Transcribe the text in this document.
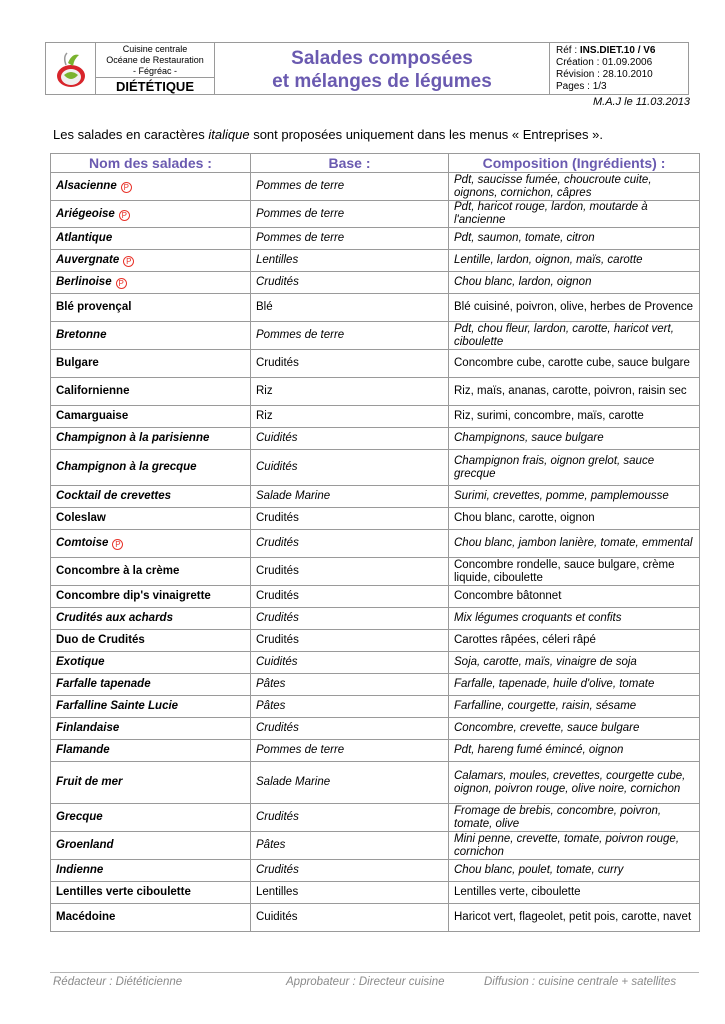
Cuisine centrale
Océane de Restauration
- Fégréac -
DIÉTÉTIQUE
Salades composées
et mélanges de légumes
Réf : INS.DIET.10 / V6
Création : 01.09.2006
Révision : 28.10.2010
Pages : 1/3
M.A.J le 11.03.2013
Les salades en caractères italique sont proposées uniquement dans les menus « Entreprises ».
Nom des salades :	Base :	Composition (Ingrédients) :
Alsacienne P	Pommes de terre	Pdt, saucisse fumée, choucroute cuite, oignons, cornichon, câpres
Ariégeoise P	Pommes de terre	Pdt, haricot rouge, lardon, moutarde à l'ancienne
Atlantique	Pommes de terre	Pdt, saumon, tomate, citron
Auvergnate P	Lentilles	Lentille, lardon, oignon, maïs, carotte
Berlinoise P	Crudités	Chou blanc, lardon, oignon
Blé provençal	Blé	Blé cuisiné, poivron, olive, herbes de Provence
Bretonne	Pommes de terre	Pdt, chou fleur, lardon, carotte, haricot vert, ciboulette
Bulgare	Crudités	Concombre cube, carotte cube, sauce bulgare
Californienne	Riz	Riz, maïs, ananas, carotte, poivron, raisin sec
Camarguaise	Riz	Riz, surimi, concombre, maïs, carotte
Champignon à la parisienne	Cuidités	Champignons, sauce bulgare
Champignon à la grecque	Cuidités	Champignon frais, oignon grelot, sauce grecque
Cocktail de crevettes	Salade Marine	Surimi, crevettes, pomme, pamplemousse
Coleslaw	Crudités	Chou blanc, carotte, oignon
Comtoise P	Crudités	Chou blanc, jambon lanière, tomate, emmental
Concombre à la crème	Crudités	Concombre rondelle, sauce bulgare, crème liquide, ciboulette
Concombre dip's vinaigrette	Crudités	Concombre bâtonnet
Crudités aux achards	Crudités	Mix légumes croquants et confits
Duo de Crudités	Crudités	Carottes râpées, céleri râpé
Exotique	Cuidités	Soja, carotte, maïs, vinaigre de soja
Farfalle tapenade	Pâtes	Farfalle, tapenade, huile d'olive, tomate
Farfalline Sainte Lucie	Pâtes	Farfalline, courgette, raisin, sésame
Finlandaise	Crudités	Concombre, crevette, sauce bulgare
Flamande	Pommes de terre	Pdt, hareng fumé émincé, oignon
Fruit de mer	Salade Marine	Calamars, moules, crevettes, courgette cube, oignon, poivron rouge, olive noire, cornichon
Grecque	Crudités	Fromage de brebis, concombre, poivron, tomate, olive
Groenland	Pâtes	Mini penne, crevette, tomate, poivron rouge, cornichon
Indienne	Crudités	Chou blanc, poulet, tomate, curry
Lentilles verte ciboulette	Lentilles	Lentilles verte, ciboulette
Macédoine	Cuidités	Haricot vert, flageolet, petit pois, carotte, navet
Rédacteur : Diététicienne	Approbateur : Directeur cuisine	Diffusion : cuisine centrale + satellites
